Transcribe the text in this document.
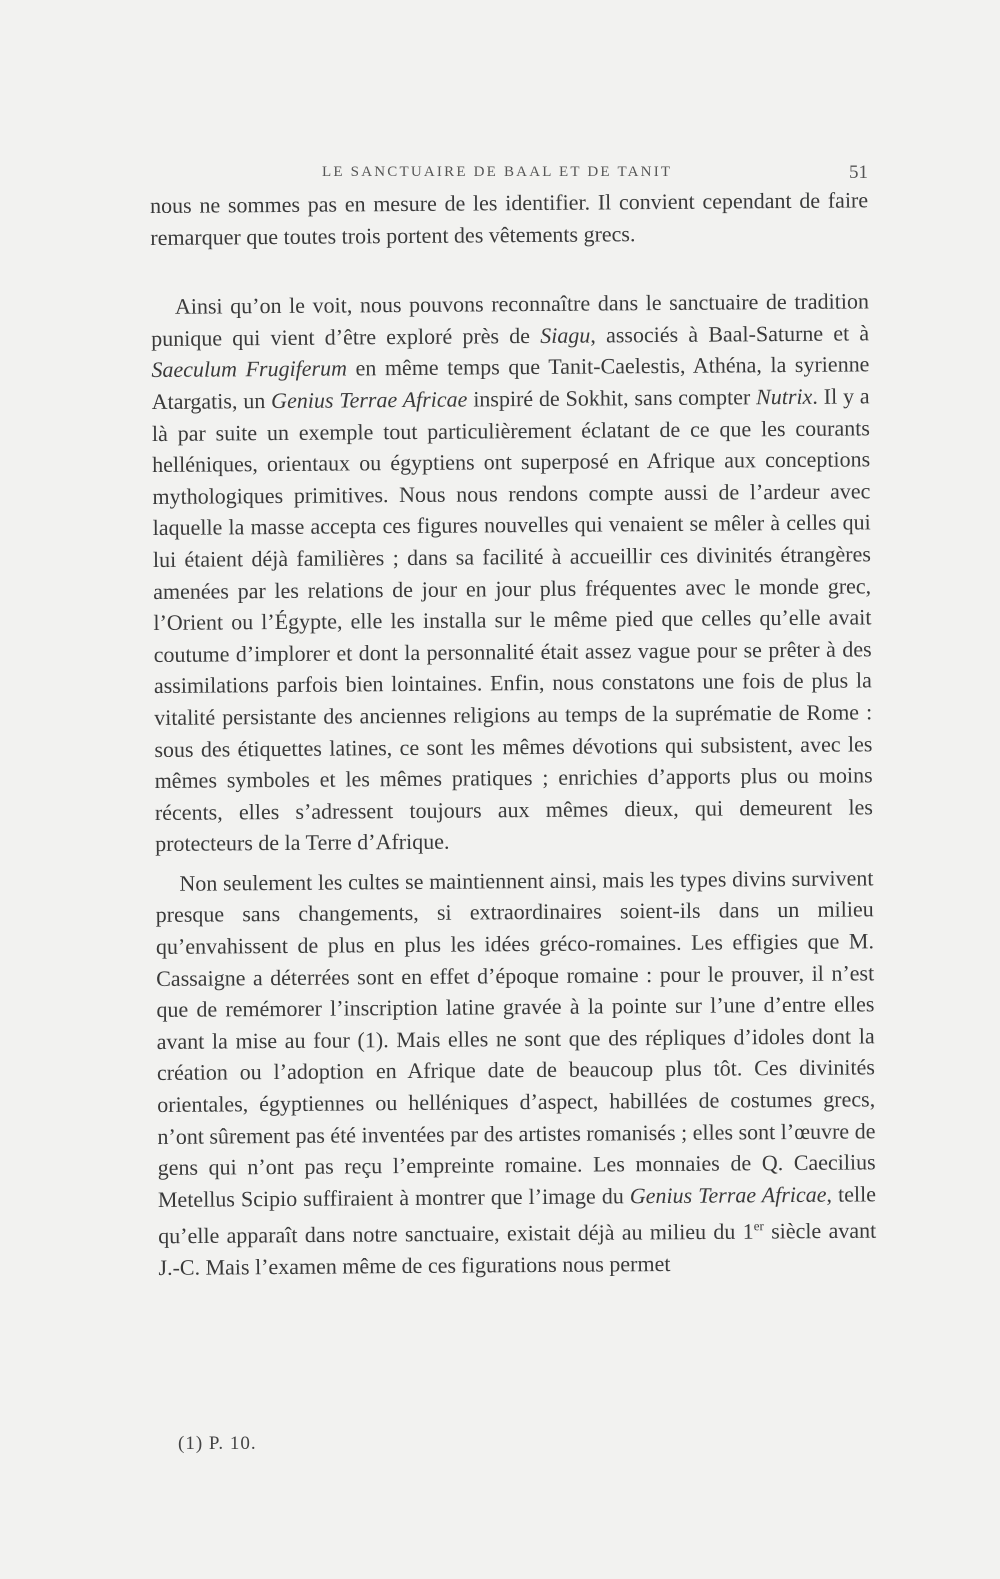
LE SANCTUAIRE DE BAAL ET DE TANIT	51

nous ne sommes pas en mesure de les identifier. Il convient cependant de faire remarquer que toutes trois portent des vêtements grecs.

Ainsi qu’on le voit, nous pouvons reconnaître dans le sanctuaire de tradition punique qui vient d’être exploré près de Siagu, associés à Baal-Saturne et à Saeculum Frugiferum en même temps que Tanit-Caelestis, Athéna, la syrienne Atargatis, un Genius Terrae Africae inspiré de Sokhit, sans compter Nutrix. Il y a là par suite un exemple tout particulièrement éclatant de ce que les courants helléniques, orientaux ou égyptiens ont superposé en Afrique aux conceptions mythologiques primitives. Nous nous rendons compte aussi de l’ardeur avec laquelle la masse accepta ces figures nouvelles qui venaient se mêler à celles qui lui étaient déjà familières ; dans sa facilité à accueillir ces divinités étrangères amenées par les relations de jour en jour plus fréquentes avec le monde grec, l’Orient ou l’Égypte, elle les installa sur le même pied que celles qu’elle avait coutume d’implorer et dont la personnalité était assez vague pour se prêter à des assimilations parfois bien lointaines. Enfin, nous constatons une fois de plus la vitalité persistante des anciennes religions au temps de la suprématie de Rome : sous des étiquettes latines, ce sont les mêmes dévotions qui subsistent, avec les mêmes symboles et les mêmes pratiques ; enrichies d’apports plus ou moins récents, elles s’adressent toujours aux mêmes dieux, qui demeurent les protecteurs de la Terre d’Afrique.

Non seulement les cultes se maintiennent ainsi, mais les types divins survivent presque sans changements, si extraordinaires soient-ils dans un milieu qu’envahissent de plus en plus les idées gréco-romaines. Les effigies que M. Cassaigne a déterrées sont en effet d’époque romaine : pour le prouver, il n’est que de remémorer l’inscription latine gravée à la pointe sur l’une d’entre elles avant la mise au four (1). Mais elles ne sont que des répliques d’idoles dont la création ou l’adoption en Afrique date de beaucoup plus tôt. Ces divinités orientales, égyptiennes ou helléniques d’aspect, habillées de costumes grecs, n’ont sûrement pas été inventées par des artistes romanisés ; elles sont l’œuvre de gens qui n’ont pas reçu l’empreinte romaine. Les monnaies de Q. Caecilius Metellus Scipio suffiraient à montrer que l’image du Genius Terrae Africae, telle qu’elle apparaît dans notre sanctuaire, existait déjà au milieu du 1er siècle avant J.-C. Mais l’examen même de ces figurations nous permet

(1) P. 10.
